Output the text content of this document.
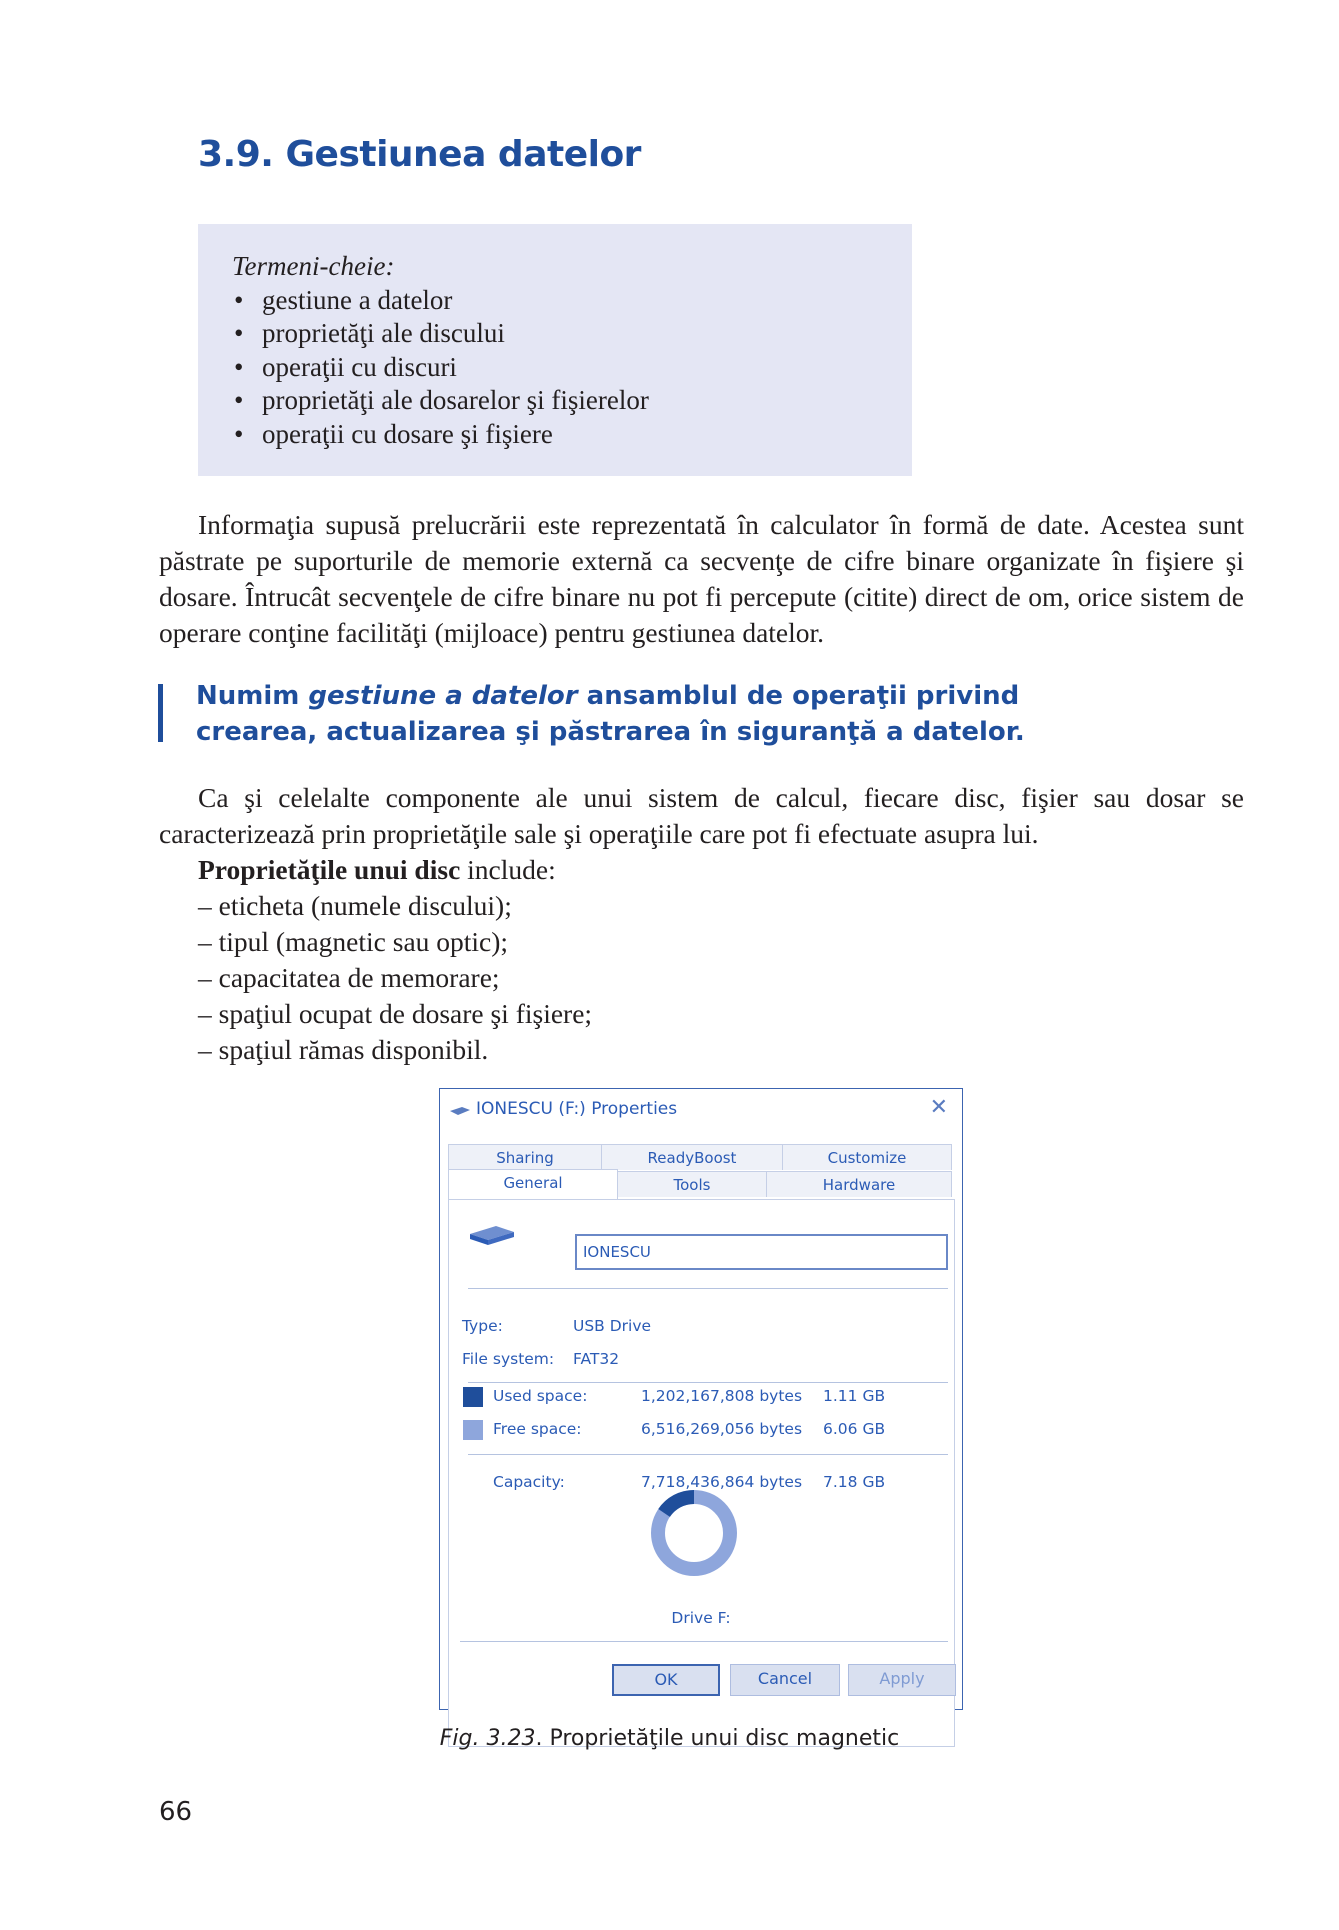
3.9. Gestiunea datelor
Termeni-cheie:
• gestiune a datelor
• proprietăţi ale discului
• operaţii cu discuri
• proprietăţi ale dosarelor şi fişierelor
• operaţii cu dosare şi fişiere

Informaţia supusă prelucrării este reprezentată în calculator în formă de date. Acestea sunt păstrate pe suporturile de memorie externă ca secvenţe de cifre binare organizate în fişiere şi dosare. Întrucât secvenţele de cifre binare nu pot fi percepute (citite) direct de om, orice sistem de operare conţine facilităţi (mijloace) pentru gestiunea datelor.

Numim gestiune a datelor ansamblul de operaţii privind crearea, actualizarea şi păstrarea în siguranţă a datelor.

Ca şi celelalte componente ale unui sistem de calcul, fiecare disc, fişier sau dosar se caracterizează prin proprietăţile sale şi operaţiile care pot fi efectuate asupra lui.

Proprietăţile unui disc include:
– eticheta (numele discului);
– tipul (magnetic sau optic);
– capacitatea de memorare;
– spaţiul ocupat de dosare şi fişiere;
– spaţiul rămas disponibil.
IONESCU (F:) Properties	✕
Sharing	ReadyBoost	Customize
General	Tools	Hardware
IONESCU
Type:	USB Drive
File system: FAT32
Used space:	1,202,167,808 bytes 1.11 GB
Free space:	6,516,269,056 bytes 6.06 GB
Capacity:	7,718,436,864 bytes 7.18 GB
Drive F:
OK	Cancel	Apply
Fig. 3.23. Proprietăţile unui disc magnetic
66
